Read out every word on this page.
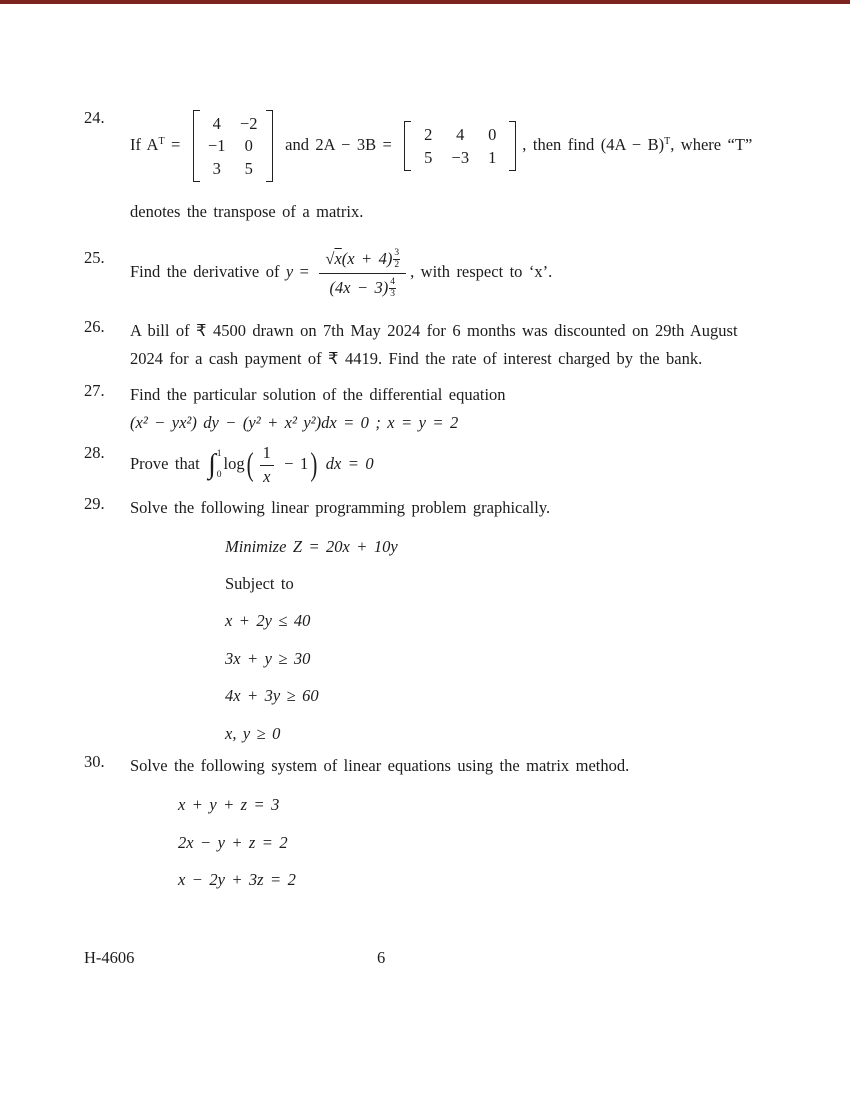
24.
If $A^T$ =
4	−2
−1	0
3	5
and 2A − 3B =
2	4	0
5	−3	1
, then find $(4A - B)^T$, where “T”
denotes the transpose of a matrix.
25.
Find the derivative of $y = \frac{√x(x + 4) \frac{3}{2}}{(4x - 3) \frac{4}{3}}$ , with respect to ‘x’.
26.	A bill of ₹ 4500 drawn on 7th May 2024 for 6 months was discounted on 29th August 2024 for a cash payment of ₹ 4419. Find the rate of interest charged by the bank.
27.	Find the particular solution of the differential equation
(x² − yx²) dy − (y² + x² y²)dx = 0 ; x = y = 2
28.
Prove that ∫ 1
0
$\log( \frac{1}{x} - 1)$ dx = 0
29.	Solve the following linear programming problem graphically.
Minimize Z = 20x + 10y
Subject to
x + 2y ≤ 40
3x + y ≥ 30
4x + 3y ≥ 60
x, y ≥ 0
30.	Solve the following system of linear equations using the matrix method.
x + y + z = 3
2x − y + z = 2
x − 2y + 3z = 2
H-4606	6
